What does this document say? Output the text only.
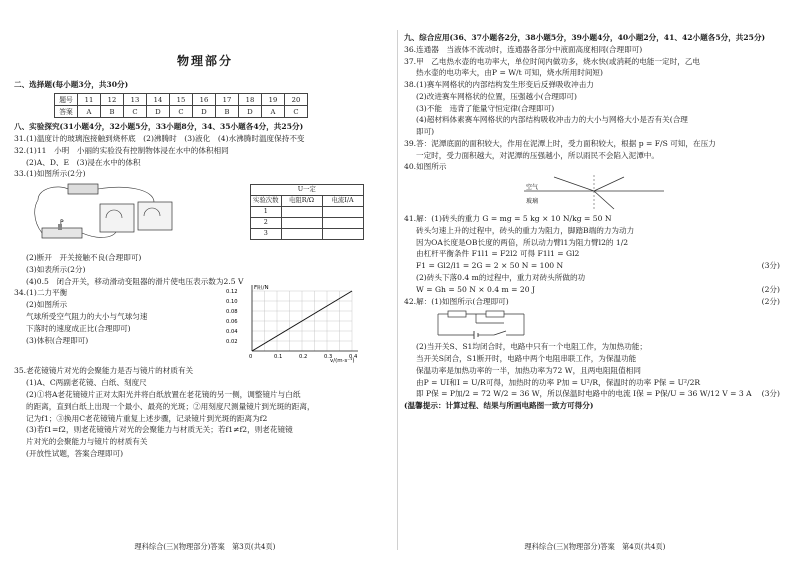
物理部分
二、选择题(每小题3分，共30分)
题号	11	12	13	14	15	16	17	18	19	20
答案	A	B	C	D	C	D	B	D	A	C
八、实验探究(31小题4分，32小题5分，33小题8分，34、35小题各4分，共25分)
31.(1)温度计的玻璃泡接触到烧杯底　(2)沸腾时　(3)液化　(4)水沸腾时温度保持不变
32.(1)11　小明　小丽的实验没有控制物体浸在水中的体积相同
(2)A、D、E　(3)浸在水中的体积
33.(1)如图所示(2分)
P
U一定		
实验次数	电阻R/Ω	电流I/A
1		
2		
3		
(2)断开　开关接触不良(合理即可)
(3)如表所示(2分)
(4)0.5　闭合开关，移动滑动变阻器的滑片使电压表示数为2.5 V
34.(1)二力平衡
(2)如图所示
气球所受空气阻力的大小与气球匀速
下落时的速度成正比(合理即可)
(3)体积(合理即可)
F阻/N
v/(m·s⁻¹)
0.12
0.10
0.08
0.06
0.04
0.02
0	0.1	0.2	0.3	0.4
35.老花镜镜片对光的会聚能力是否与镜片的材质有关
(1)A、C两副老花镜、白纸、刻度尺
(2)①将A老花镜镜片正对太阳光并将白纸放置在老花镜的另一侧，调整镜片与白纸
的距离，直到白纸上出现一个最小、最亮的光斑；②用刻度尺测量镜片到光斑的距离，
记为f1；③换用C老花镜镜片重复上述步骤，记录镜片到光斑的距离为f2
(3)若f1=f2，则老花镜镜片对光的会聚能力与材质无关；若f1≠f2，则老花镜镜
片对光的会聚能力与镜片的材质有关
(开放性试题，答案合理即可)
理科综合(三)(物理部分)答案　第3页(共4页)
九、综合应用(36、37小题各2分，38小题5分，39小题4分，40小题2分，41、42小题各5分，共25分)
36.连通器　当液体不流动时，连通器各部分中液面高度相同(合理即可)
37.甲　乙电热水壶的电功率大，单位时间内做功多，烧水快(或消耗的电能一定时，乙电
热水壶的电功率大，由P = W/t 可知，烧水所用时间短)
38.(1)赛车网格状的内部结构发生形变后反弹吸收冲击力
(2)改进赛车网格状的位置，压强越小(合理即可)
(3)不能　违背了能量守恒定律(合理即可)
(4)超材料体素赛车网格状的内部结构吸收冲击力的大小与网格大小是否有关(合理
即可)
39.答：泥潭底面的面积较大，作用在泥潭上时，受力面积较大，根据 p = F/S 可知，在压力
一定时，受力面积越大，对泥潭的压强越小，所以雨民不会陷入泥潭中。
40.如图所示
空气
玻璃
41.解：(1)砖头的重力 G = mg = 5 kg × 10 N/kg = 50 N
砖头匀速上升的过程中，砖头的重力为阻力，脚踏B端的力为动力
因为OA长度是OB长度的两倍，所以动力臂l1为阻力臂l2的 1/2
由杠杆平衡条件 F1l1 = F2l2 可得 F1l1 = Gl2
F1 = Gl2/l1 = 2G = 2 × 50 N = 100 N	(3分)
(2)砖头下落0.4 m的过程中，重力对砖头所做的功
W = Gh = 50 N × 0.4 m = 20 J	(2分)
42.解：(1)如图所示(合理即可)	(2分)
(2)当开关S、S1均闭合时，电路中只有一个电阻工作，为加热功能；
当开关S闭合，S1断开时，电路中两个电阻串联工作，为保温功能
保温功率是加热功率的一半，加热功率为72 W，且两电阻阻值相同
由P = UI和I = U/R可得，加热时的功率 P加 = U²/R，保温时的功率 P保 = U²/2R
即 P保 = P加/2 = 72 W/2 = 36 W，所以保温时电路中的电流 I保 = P保/U = 36 W/12 V = 3 A (3分)
(温馨提示：计算过程、结果与所画电路图一致方可得分)
理科综合(三)(物理部分)答案　第4页(共4页)
